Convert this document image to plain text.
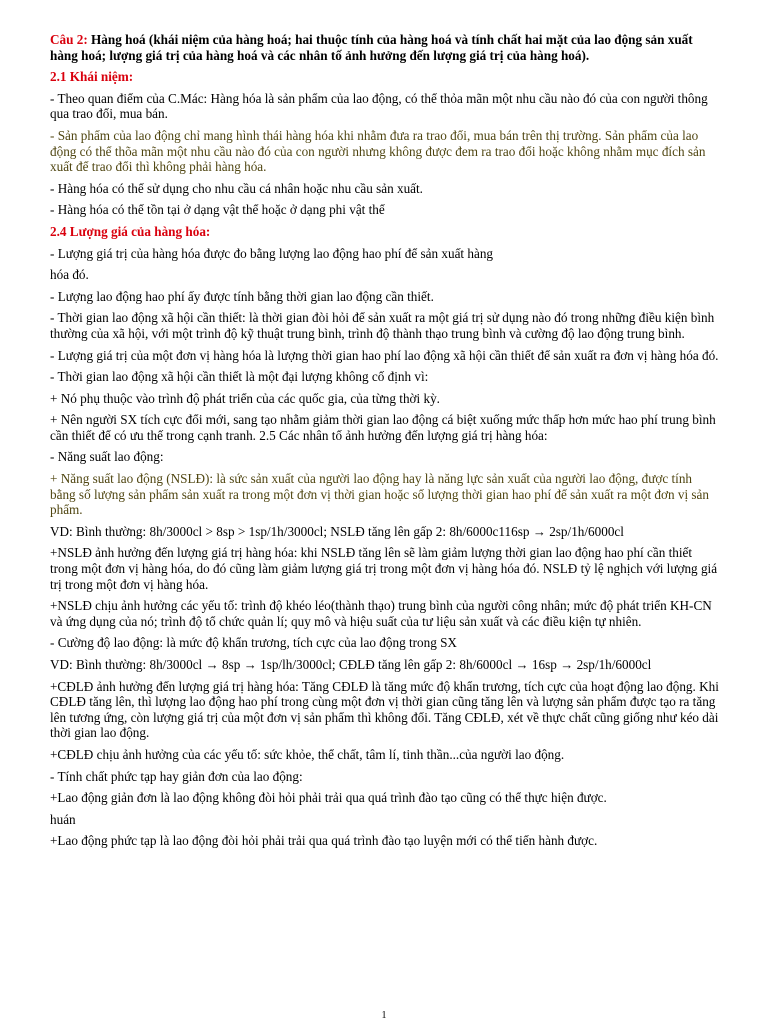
Câu 2: Hàng hoá (khái niệm của hàng hoá; hai thuộc tính của hàng hoá và tính chất hai mặt của lao động sản xuất hàng hoá; lượng giá trị của hàng hoá và các nhân tố ảnh hưởng đến lượng giá trị của hàng hoá).

2.1 Khái niệm:

- Theo quan điểm của C.Mác: Hàng hóa là sản phẩm của lao động, có thể thỏa mãn một nhu cầu nào đó của con người thông qua trao đổi, mua bán.

- Sản phẩm của lao động chỉ mang hình thái hàng hóa khi nhằm đưa ra trao đổi, mua bán trên thị trường. Sản phẩm của lao động có thể thõa mãn một nhu cầu nào đó của con người nhưng không được đem ra trao đổi hoặc không nhằm mục đích sản xuất để trao đổi thì không phải hàng hóa.

- Hàng hóa có thể sử dụng cho nhu cầu cá nhân hoặc nhu cầu sản xuất.

- Hàng hóa có thể tồn tại ở dạng vật thể hoặc ở dạng phi vật thể

2.4 Lượng giá của hàng hóa:

- Lượng giá trị của hàng hóa được đo bằng lượng lao động hao phí để sản xuất hàng

hóa đó.

- Lượng lao động hao phí ấy được tính bằng thời gian lao động cần thiết.

- Thời gian lao động xã hội cần thiết: là thời gian đòi hỏi để sản xuất ra một giá trị sử dụng nào đó trong những điều kiện bình thường của xã hội, với một trình độ kỹ thuật trung bình, trình độ thành thạo trung bình và cường độ lao động trung bình.

- Lượng giá trị của một đơn vị hàng hóa là lượng thời gian hao phí lao động xã hội cần thiết để sản xuất ra đơn vị hàng hóa đó.

- Thời gian lao động xã hội cần thiết là một đại lượng không cố định vì:

+ Nó phụ thuộc vào trình độ phát triển của các quốc gia, của từng thời kỳ.

+ Nên người SX tích cực đổi mới, sang tạo nhằm giảm thời gian lao động cá biệt xuống mức thấp hơn mức hao phí trung bình cần thiết để có ưu thế trong cạnh tranh. 2.5 Các nhân tố ảnh hưởng đến lượng giá trị hàng hóa:

- Năng suất lao động:

+ Năng suất lao động (NSLĐ): là sức sản xuất của người lao động hay là năng lực sản xuất của người lao động, được tính bằng số lượng sản phẩm sản xuất ra trong một đơn vị thời gian hoặc số lượng thời gian hao phí để sản xuất ra một đơn vị sản phẩm.

VD: Bình thường: 8h/3000cl > 8sp > 1sp/1h/3000cl; NSLĐ tăng lên gấp 2: 8h/6000c116sp → 2sp/1h/6000cl

+NSLĐ ảnh hưởng đến lượng giá trị hàng hóa: khi NSLĐ tăng lên sẽ làm giảm lượng thời gian lao động hao phí cần thiết trong một đơn vị hàng hóa, do đó cũng làm giảm lượng giá trị trong một đơn vị hàng hóa đó. NSLĐ tỷ lệ nghịch với lượng giá trị trong một đơn vị hàng hóa.

+NSLĐ chịu ảnh hưởng các yếu tố: trình độ khéo léo(thành thạo) trung bình của người công nhân; mức độ phát triển KH-CN và ứng dụng của nó; trình độ tổ chức quản lí; quy mô và hiệu suất của tư liệu sản xuất và các điều kiện tự nhiên.

- Cường độ lao động: là mức độ khẩn trương, tích cực của lao động trong SX

VD: Bình thường: 8h/3000cl → 8sp → 1sp/lh/3000cl; CĐLĐ tăng lên gấp 2: 8h/6000cl → 16sp → 2sp/1h/6000cl

+CĐLĐ ảnh hưởng đến lượng giá trị hàng hóa: Tăng CĐLĐ là tăng mức độ khẩn trương, tích cực của hoạt động lao động. Khi CĐLĐ tăng lên, thì lượng lao động hao phí trong cùng một đơn vị thời gian cũng tăng lên và lượng sản phẩm được tạo ra tăng lên tương ứng, còn lượng giá trị của một đơn vị sản phẩm thì không đổi. Tăng CĐLĐ, xét về thực chất cũng giống như kéo dài thời gian lao động.

+CĐLĐ chịu ảnh hưởng của các yếu tố: sức khỏe, thể chất, tâm lí, tinh thần...của người lao động.

- Tính chất phức tạp hay giản đơn của lao động:

+Lao động giản đơn là lao động không đòi hỏi phải trải qua quá trình đào tạo cũng có thể thực hiện được.

huán

+Lao động phức tạp là lao động đòi hỏi phải trải qua quá trình đào tạo luyện mới có thể tiến hành được.

1
